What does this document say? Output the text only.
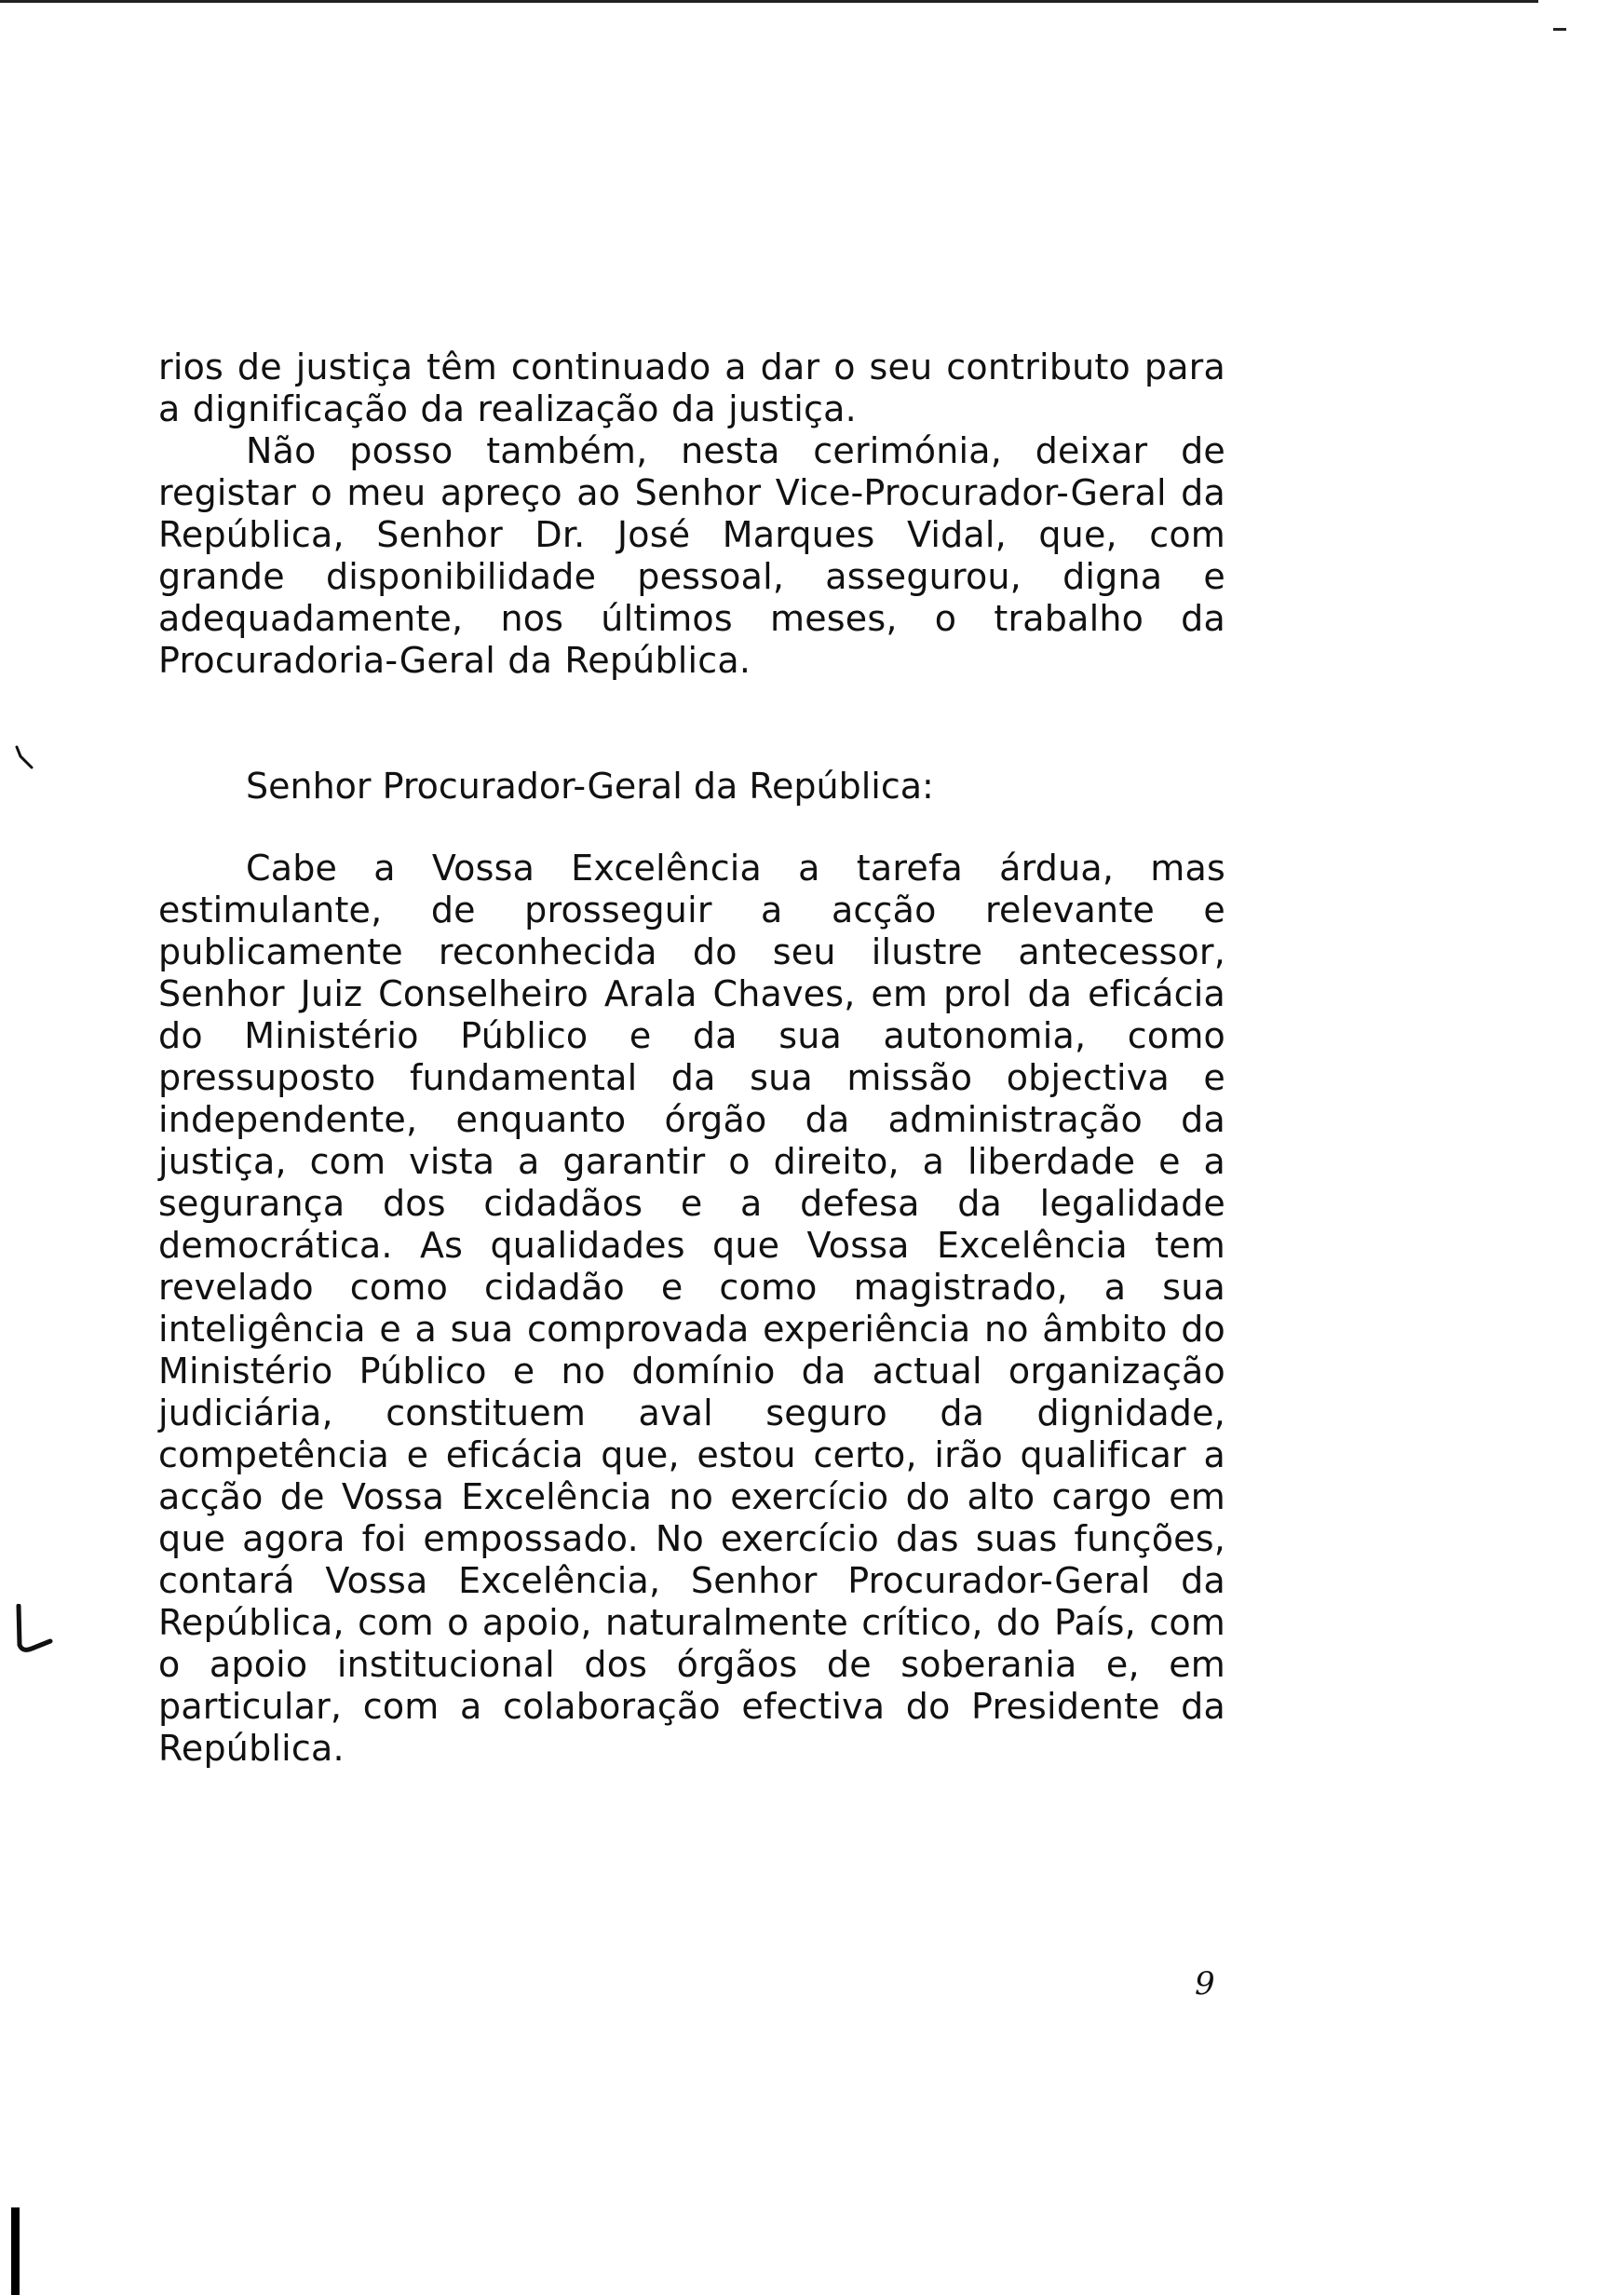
rios de justiça têm continuado a dar o seu contributo para a dignificação da realização da justiça.

Não posso também, nesta cerimónia, deixar de registar o meu apreço ao Senhor Vice-Procurador-Geral da República, Senhor Dr. José Marques Vidal, que, com grande disponibilidade pessoal, assegurou, digna e adequadamente, nos últimos meses, o trabalho da Procuradoria-Geral da República.

Senhor Procurador-Geral da República:

Cabe a Vossa Excelência a tarefa árdua, mas estimulante, de prosseguir a acção relevante e publicamente reconhecida do seu ilustre antecessor, Senhor Juiz Conselheiro Arala Chaves, em prol da eficácia do Ministério Público e da sua autonomia, como pressuposto fundamental da sua missão objectiva e independente, enquanto órgão da administração da justiça, com vista a garantir o direito, a liberdade e a segurança dos cidadãos e a defesa da legalidade democrática. As qualidades que Vossa Excelência tem revelado como cidadão e como magistrado, a sua inteligência e a sua comprovada experiência no âmbito do Ministério Público e no domínio da actual organização judiciária, constituem aval seguro da dignidade, competência e eficácia que, estou certo, irão qualificar a acção de Vossa Excelência no exercício do alto cargo em que agora foi empossado. No exercício das suas funções, contará Vossa Excelência, Senhor Procurador-Geral da República, com o apoio, naturalmente crítico, do País, com o apoio institucional dos órgãos de soberania e, em particular, com a colaboração efectiva do Presidente da República.

9
